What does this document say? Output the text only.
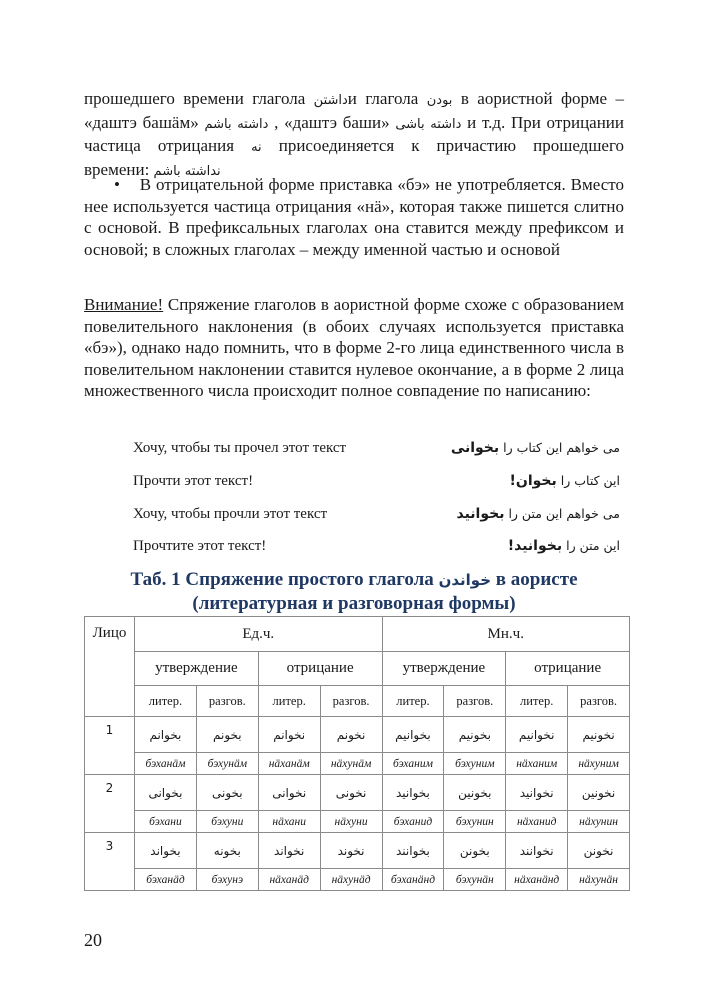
прошедшего времени глагола داشتنи глагола بودن в аористной форме –
«даштэ башäм» داشته باشم , «даштэ баши» داشته باشی и т.д. При отрицании
частица отрицания نه присоединяется к причастию прошедшего
времени: نداشته باشم
•    В отрицательной форме приставка «бэ» не употребляется. Вместо нее используется частица отрицания «нä», которая также пишется слитно с основой. В префиксальных глаголах она ставится между префиксом и основой; в сложных глаголах – между именной частью и основой
Внимание! Спряжение глаголов в аористной форме схоже с образованием повелительного наклонения (в обоих случаях используется приставка «бэ»), однако надо помнить, что в форме 2-го лица единственного числа в повелительном наклонении ставится нулевое окончание, а в форме 2 лица множественного числа происходит полное совпадение по написанию:
Хочу, чтобы ты прочел этот текст	می خواهم این کتاب را بخوانی
Прочти этот текст!	این کتاب را بخوان!
Хочу, чтобы прочли этот текст	می خواهم این متن را بخوانید
Прочтите этот текст!	این متن را بخوانید!
Таб. 1 Спряжение простого глагола خواندن в аористе
(литературная и разговорная формы)
Лицо	Ед.ч.				Мн.ч.			
	утверждение		отрицание		утверждение		отрицание	
	литер.	разгов.	литер.	разгов.	литер.	разгов.	литер.	разгов.
1	بخوانم	بخونم	نخوانم	نخونم	بخوانیم	بخونیم	نخوانیم	نخونیم
	бэханäм	бэхунäм	нäханäм	нäхунäм	бэханим	бэхуним	нäханим	нäхуним
2	بخوانی	بخونی	نخوانی	نخونی	بخوانید	بخونین	نخوانید	نخونین
	бэхани	бэхуни	нäхани	нäхуни	бэханид	бэхунин	нäханид	нäхунин
3	بخواند	بخونه	نخواند	نخوند	بخوانند	بخونن	نخوانند	نخونن
	бэханäд	бэхунэ	нäханäд	нäхунäд	бэханäнд	бэхунäн	нäханäнд	нäхунäн
20
